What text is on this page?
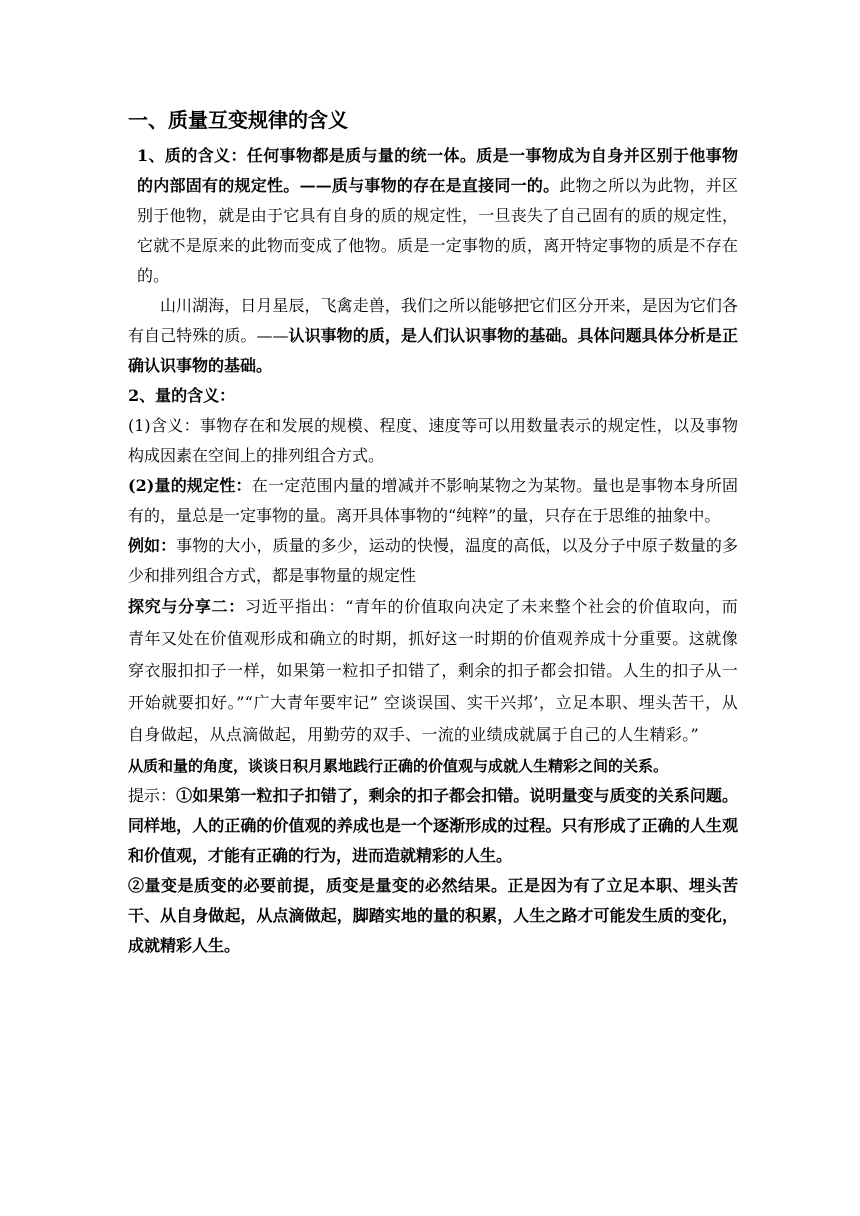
一、质量互变规律的含义

1、质的含义：任何事物都是质与量的统一体。质是一事物成为自身并区别于他事物的内部固有的规定性。——质与事物的存在是直接同一的。此物之所以为此物，并区别于他物，就是由于它具有自身的质的规定性，一旦丧失了自己固有的质的规定性，它就不是原来的此物而变成了他物。质是一定事物的质，离开特定事物的质是不存在的。

山川湖海，日月星辰，飞禽走兽，我们之所以能够把它们区分开来，是因为它们各有自己特殊的质。——认识事物的质，是人们认识事物的基础。具体问题具体分析是正确认识事物的基础。

2、量的含义：

(1)含义：事物存在和发展的规模、程度、速度等可以用数量表示的规定性，以及事物构成因素在空间上的排列组合方式。

(2)量的规定性：在一定范围内量的增减并不影响某物之为某物。量也是事物本身所固有的，量总是一定事物的量。离开具体事物的“纯粹”的量，只存在于思维的抽象中。

例如：事物的大小，质量的多少，运动的快慢，温度的高低，以及分子中原子数量的多少和排列组合方式，都是事物量的规定性

探究与分享二：习近平指出：“青年的价值取向决定了未来整个社会的价值取向，而青年又处在价值观形成和确立的时期，抓好这一时期的价值观养成十分重要。这就像穿衣服扣扣子一样，如果第一粒扣子扣错了，剩余的扣子都会扣错。人生的扣子从一开始就要扣好。”“广大青年要牢记” 空谈误国、实干兴邦’，立足本职、埋头苦干，从自身做起，从点滴做起，用勤劳的双手、一流的业绩成就属于自己的人生精彩。”

从质和量的角度，谈谈日积月累地践行正确的价值观与成就人生精彩之间的关系。

提示：①如果第一粒扣子扣错了，剩余的扣子都会扣错。说明量变与质变的关系问题。同样地，人的正确的价值观的养成也是一个逐渐形成的过程。只有形成了正确的人生观和价值观，才能有正确的行为，进而造就精彩的人生。

②量变是质变的必要前提，质变是量变的必然结果。正是因为有了立足本职、埋头苦干、从自身做起，从点滴做起，脚踏实地的量的积累，人生之路才可能发生质的变化，成就精彩人生。
